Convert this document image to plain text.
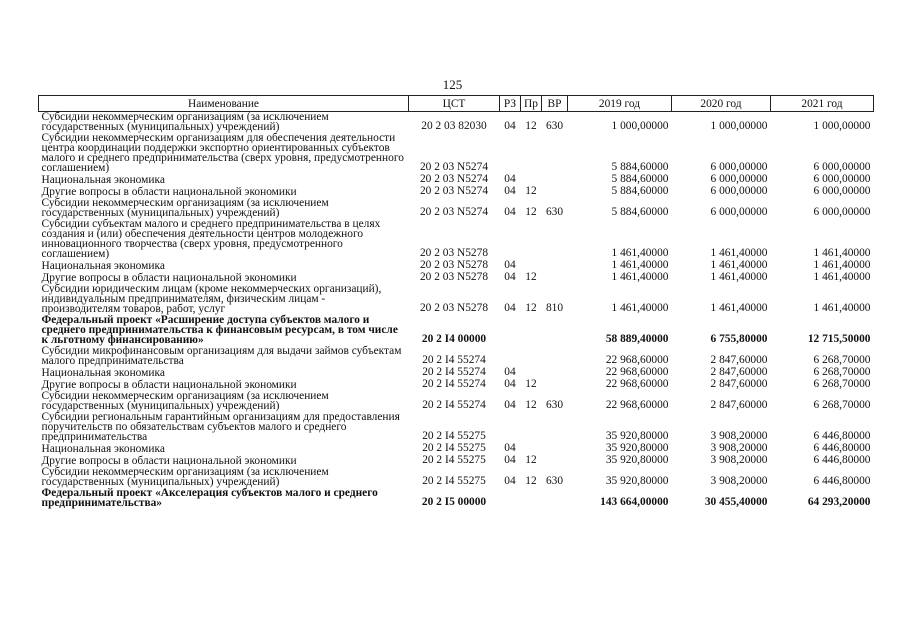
125
Наименование	ЦСТ	РЗ	Пр	ВР	2019 год	2020 год	2021 год
Субсидии некоммерческим организациям (за исключением государственных (муниципальных) учреждений)	20 2 03 82030	04	12	630	1 000,00000	1 000,00000	1 000,00000
Субсидии некоммерческим организациям для обеспечения деятельности центра координации поддержки экспортно ориентированных субъектов малого и среднего предпринимательства (сверх уровня, предусмотренного соглашением)	20 2 03 N5274				5 884,60000	6 000,00000	6 000,00000
Национальная экономика	20 2 03 N5274	04			5 884,60000	6 000,00000	6 000,00000
Другие вопросы в области национальной экономики	20 2 03 N5274	04	12		5 884,60000	6 000,00000	6 000,00000
Субсидии некоммерческим организациям (за исключением государственных (муниципальных) учреждений)	20 2 03 N5274	04	12	630	5 884,60000	6 000,00000	6 000,00000
Субсидии субъектам малого и среднего предпринимательства в целях создания и (или) обеспечения деятельности центров молодежного инновационного творчества (сверх уровня, предусмотренного соглашением)	20 2 03 N5278				1 461,40000	1 461,40000	1 461,40000
Национальная экономика	20 2 03 N5278	04			1 461,40000	1 461,40000	1 461,40000
Другие вопросы в области национальной экономики	20 2 03 N5278	04	12		1 461,40000	1 461,40000	1 461,40000
Субсидии юридическим лицам (кроме некоммерческих организаций), индивидуальным предпринимателям, физическим лицам - производителям товаров, работ, услуг	20 2 03 N5278	04	12	810	1 461,40000	1 461,40000	1 461,40000
Федеральный проект «Расширение доступа субъектов малого и среднего предпринимательства к финансовым ресурсам, в том числе к льготному финансированию»	20 2 I4 00000				58 889,40000	6 755,80000	12 715,50000
Субсидии микрофинансовым организациям для выдачи займов субъектам малого предпринимательства	20 2 I4 55274				22 968,60000	2 847,60000	6 268,70000
Национальная экономика	20 2 I4 55274	04			22 968,60000	2 847,60000	6 268,70000
Другие вопросы в области национальной экономики	20 2 I4 55274	04	12		22 968,60000	2 847,60000	6 268,70000
Субсидии некоммерческим организациям (за исключением государственных (муниципальных) учреждений)	20 2 I4 55274	04	12	630	22 968,60000	2 847,60000	6 268,70000
Субсидии региональным гарантийным организациям для предоставления поручительств по обязательствам субъектов малого и среднего предпринимательства	20 2 I4 55275				35 920,80000	3 908,20000	6 446,80000
Национальная экономика	20 2 I4 55275	04			35 920,80000	3 908,20000	6 446,80000
Другие вопросы в области национальной экономики	20 2 I4 55275	04	12		35 920,80000	3 908,20000	6 446,80000
Субсидии некоммерческим организациям (за исключением государственных (муниципальных) учреждений)	20 2 I4 55275	04	12	630	35 920,80000	3 908,20000	6 446,80000
Федеральный проект «Акселерация субъектов малого и среднего предпринимательства»	20 2 I5 00000				143 664,00000	30 455,40000	64 293,20000
